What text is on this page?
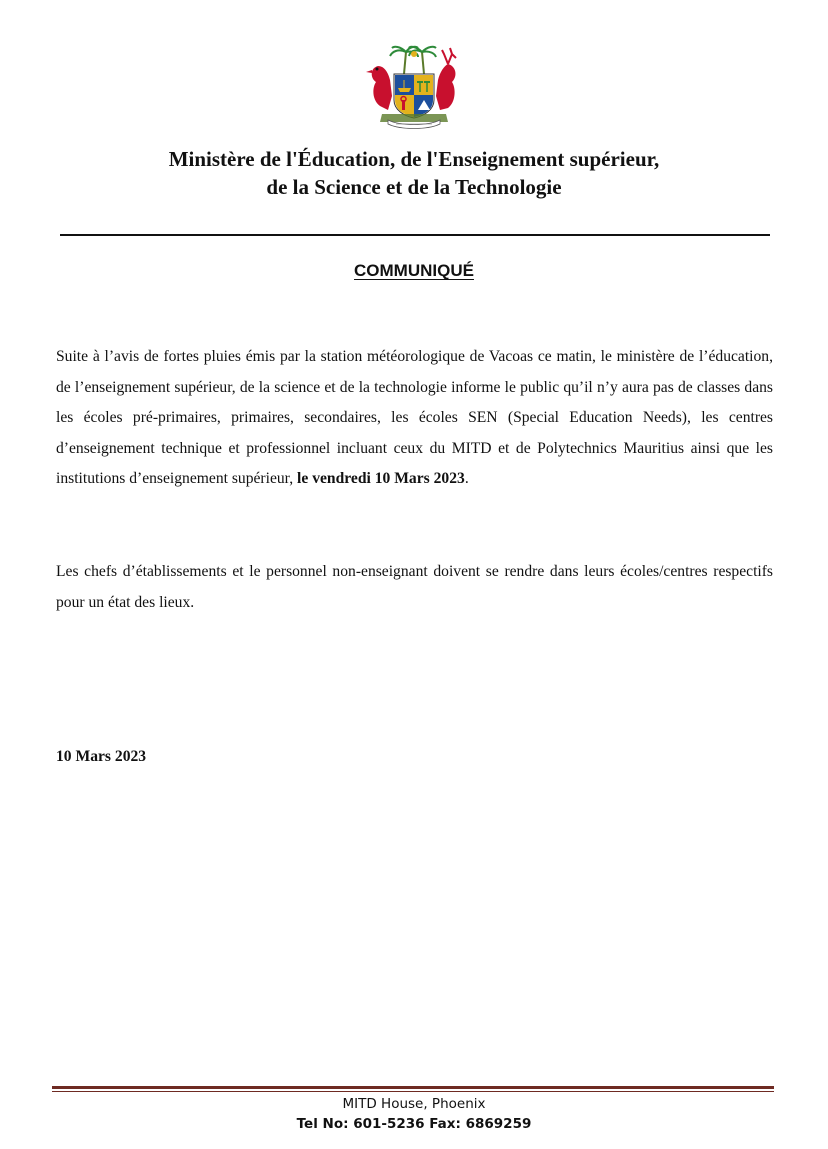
Ministère de l'Éducation, de l'Enseignement supérieur,
de la Science et de la Technologie
COMMUNIQUÉ
Suite à l’avis de fortes pluies émis par la station météorologique de Vacoas ce matin, le ministère de l’éducation, de l’enseignement supérieur, de la science et de la technologie informe le public qu’il n’y aura pas de classes dans les écoles pré-primaires, primaires, secondaires, les écoles SEN (Special Education Needs), les centres d’enseignement technique et professionnel incluant ceux du MITD et de Polytechnics Mauritius ainsi que les institutions d’enseignement supérieur, le vendredi 10 Mars 2023.
Les chefs d’établissements et le personnel non-enseignant doivent se rendre dans leurs écoles/centres respectifs pour un état des lieux.
10 Mars 2023
MITD House, Phoenix
Tel No: 601-5236 Fax: 6869259
